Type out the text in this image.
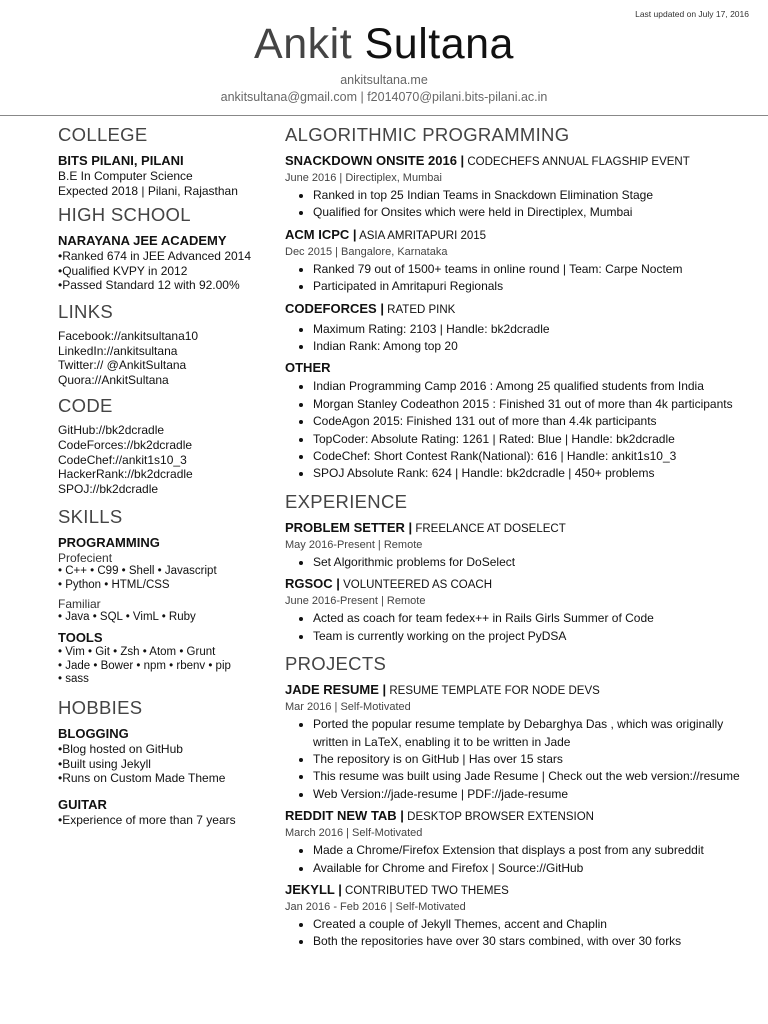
Last updated on July 17, 2016
Ankit Sultana
ankitsultana.me
ankitsultana@gmail.com | f2014070@pilani.bits-pilani.ac.in
COLLEGE
BITS PILANI, PILANI
B.E In Computer Science
Expected 2018 | Pilani, Rajasthan
HIGH SCHOOL
NARAYANA JEE ACADEMY
•Ranked 674 in JEE Advanced 2014
•Qualified KVPY in 2012
•Passed Standard 12 with 92.00%
LINKS
Facebook://ankitsultana10
LinkedIn://ankitsultana
Twitter:// @AnkitSultana
Quora://AnkitSultana
CODE
GitHub://bk2dcradle
CodeForces://bk2dcradle
CodeChef://ankit1s10_3
HackerRank://bk2dcradle
SPOJ://bk2dcradle
SKILLS
PROGRAMMING
Profecient
• C++ • C99 • Shell • Javascript
• Python • HTML/CSS
Familiar
• Java • SQL • VimL • Ruby
TOOLS
• Vim • Git • Zsh • Atom • Grunt
• Jade • Bower • npm • rbenv • pip
• sass
HOBBIES
BLOGGING
•Blog hosted on GitHub
•Built using Jekyll
•Runs on Custom Made Theme
GUITAR
•Experience of more than 7 years
ALGORITHMIC PROGRAMMING
SNACKDOWN ONSITE 2016 | CODECHEFS ANNUAL FLAGSHIP EVENT
June 2016 | Directiplex, Mumbai
• Ranked in top 25 Indian Teams in Snackdown Elimination Stage
• Qualified for Onsites which were held in Directiplex, Mumbai
ACM ICPC | ASIA AMRITAPURI 2015
Dec 2015 | Bangalore, Karnataka
• Ranked 79 out of 1500+ teams in online round | Team: Carpe Noctem
• Participated in Amritapuri Regionals
CODEFORCES | RATED PINK
• Maximum Rating: 2103 | Handle: bk2dcradle
• Indian Rank: Among top 20
OTHER
• Indian Programming Camp 2016 : Among 25 qualified students from India
• Morgan Stanley Codeathon 2015 : Finished 31 out of more than 4k participants
• CodeAgon 2015: Finished 131 out of more than 4.4k participants
• TopCoder: Absolute Rating: 1261 | Rated: Blue | Handle: bk2dcradle
• CodeChef: Short Contest Rank(National): 616 | Handle: ankit1s10_3
• SPOJ Absolute Rank: 624 | Handle: bk2dcradle | 450+ problems
EXPERIENCE
PROBLEM SETTER | FREELANCE AT DOSELECT
May 2016-Present | Remote
• Set Algorithmic problems for DoSelect
RGSOC | VOLUNTEERED AS COACH
June 2016-Present | Remote
• Acted as coach for team fedex++ in Rails Girls Summer of Code
• Team is currently working on the project PyDSA
PROJECTS
JADE RESUME | RESUME TEMPLATE FOR NODE DEVS
Mar 2016 | Self-Motivated
• Ported the popular resume template by Debarghya Das , which was originally written in LaTeX, enabling it to be written in Jade
• The repository is on GitHub | Has over 15 stars
• This resume was built using Jade Resume | Check out the web version://resume
• Web Version://jade-resume | PDF://jade-resume
REDDIT NEW TAB | DESKTOP BROWSER EXTENSION
March 2016 | Self-Motivated
• Made a Chrome/Firefox Extension that displays a post from any subreddit
• Available for Chrome and Firefox | Source://GitHub
JEKYLL | CONTRIBUTED TWO THEMES
Jan 2016 - Feb 2016 | Self-Motivated
• Created a couple of Jekyll Themes, accent and Chaplin
• Both the repositories have over 30 stars combined, with over 30 forks
